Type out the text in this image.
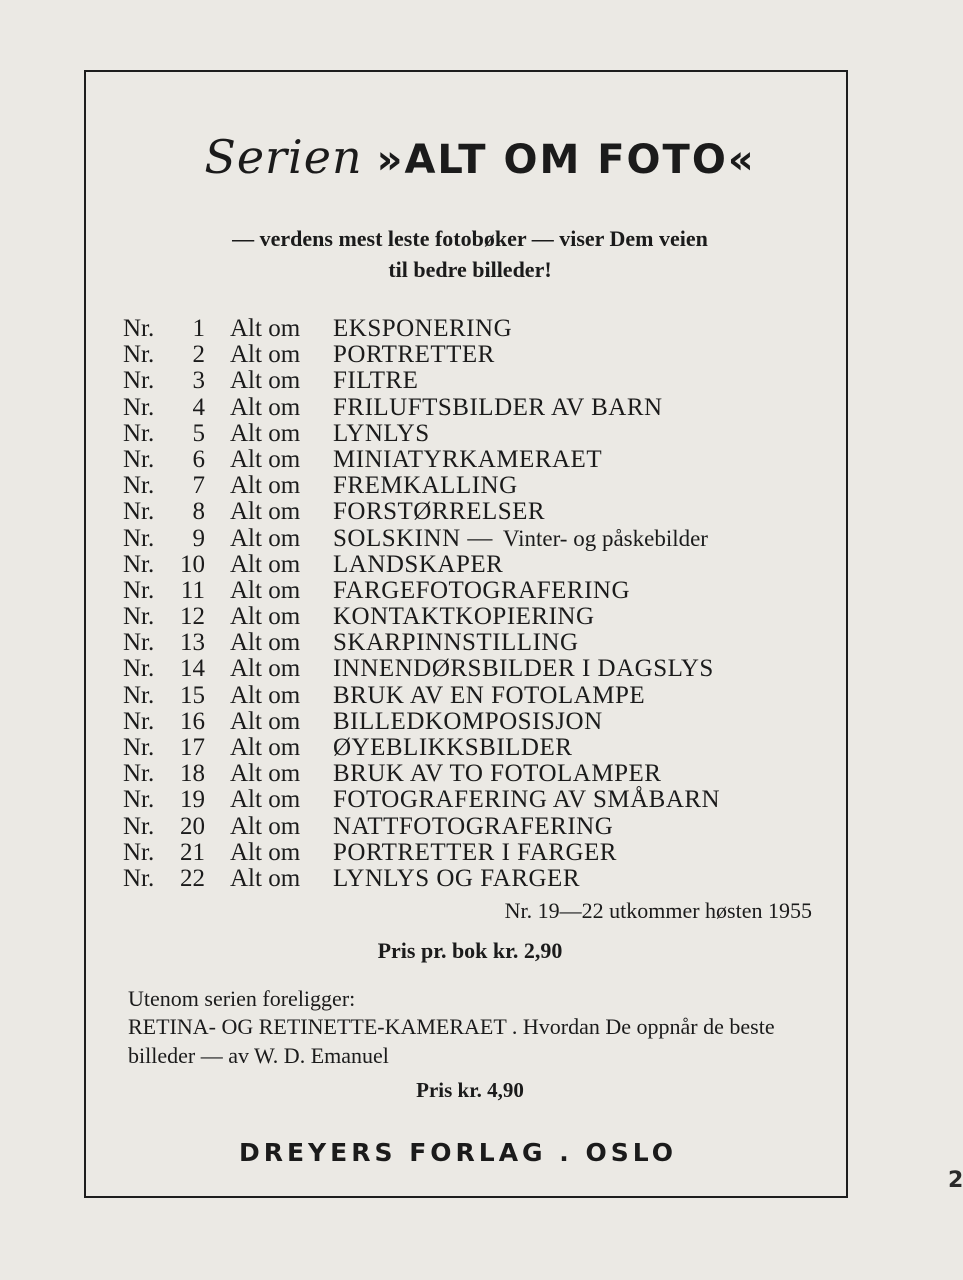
Serien »ALT OM FOTO«
— verdens mest leste fotobøker — viser Dem veien
til bedre billeder!
Nr.	1 Alt om EKSPONERING
Nr.	2 Alt om PORTRETTER
Nr.	3 Alt om FILTRE
Nr.	4 Alt om FRILUFTSBILDER AV BARN
Nr.	5 Alt om LYNLYS
Nr.	6 Alt om MINIATYRKAMERAET
Nr.	7 Alt om FREMKALLING
Nr.	8 Alt om FORSTØRRELSER
Nr.	9 Alt om SOLSKINN — Vinter- og påskebilder
Nr. 10 Alt om LANDSKAPER
Nr. 11 Alt om FARGEFOTOGRAFERING
Nr. 12 Alt om KONTAKTKOPIERING
Nr. 13 Alt om SKARPINNSTILLING
Nr. 14 Alt om INNENDØRSBILDER I DAGSLYS
Nr. 15 Alt om BRUK AV EN FOTOLAMPE
Nr. 16 Alt om BILLEDKOMPOSISJON
Nr. 17 Alt om ØYEBLIKKSBILDER
Nr. 18 Alt om BRUK AV TO FOTOLAMPER
Nr. 19 Alt om FOTOGRAFERING AV SMÅBARN
Nr. 20 Alt om NATTFOTOGRAFERING
Nr. 21 Alt om PORTRETTER I FARGER
Nr. 22 Alt om LYNLYS OG FARGER
Nr. 19—22 utkommer høsten 1955
Pris pr. bok kr. 2,90
Utenom serien foreligger:
RETINA- OG RETINETTE-KAMERAET . Hvordan De oppnår de beste billeder — av W. D. Emanuel
Pris kr. 4,90
DREYERS FORLAG . OSLO
2
